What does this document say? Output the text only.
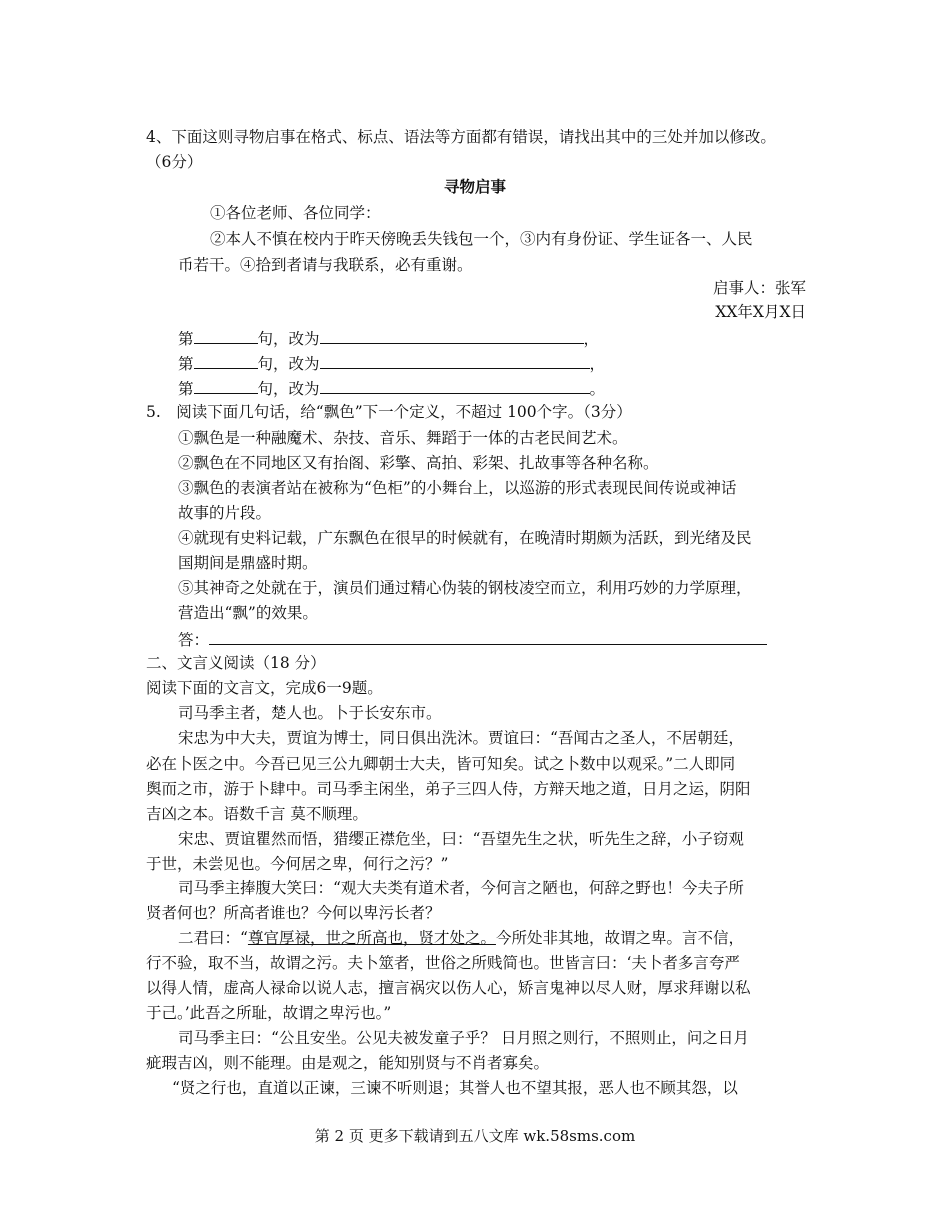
4、下面这则寻物启事在格式、标点、语法等方面都有错误，请找出其中的三处并加以修改。
（6分）
寻物启事
①各位老师、各位同学：
②本人不慎在校内于昨天傍晚丢失钱包一个，③内有身份证、学生证各一、人民
币若干。④拾到者请与我联系，必有重谢。
启事人：张军
XX年X月X日
第	句，改为	，
第	句，改为	，
第	句，改为	。
5.　阅读下面几句话，给“飘色”下一个定义，不超过 100个字。（3分）
①飘色是一种融魔术、杂技、音乐、舞蹈于一体的古老民间艺术。
②飘色在不同地区又有抬阁、彩擎、高拍、彩架、扎故事等各种名称。
③飘色的表演者站在被称为“色柜”的小舞台上，以巡游的形式表现民间传说或神话
故事的片段。
④就现有史料记载，广东飘色在很早的时候就有，在晚清时期颇为活跃，到光绪及民
国期间是鼎盛时期。
⑤其神奇之处就在于，演员们通过精心伪装的钢枝凌空而立，利用巧妙的力学原理，
营造出“飘”的效果。
答：
二、文言义阅读（18 分）
阅读下面的文言文，完成6一9题。
司马季主者，楚人也。卜于长安东市。
宋忠为中大夫，贾谊为博士，同日俱出洗沐。贾谊曰：“吾闻古之圣人，不居朝廷，
必在卜医之中。今吾已见三公九卿朝士大夫，皆可知矣。试之卜数中以观采。”二人即同
舆而之市，游于卜肆中。司马季主闲坐，弟子三四人侍，方辩天地之道，日月之运，阴阳
吉凶之本。语数千言 莫不顺理。
宋忠、贾谊瞿然而悟，猎缨正襟危坐，曰：“吾望先生之状，听先生之辞，小子窃观
于世，未尝见也。今何居之卑，何行之污？”
司马季主捧腹大笑曰：“观大夫类有道术者，今何言之陋也，何辞之野也！今夫子所
贤者何也？所高者谁也？今何以卑污长者？
二君曰：“尊官厚禄，世之所高也，贤才处之。今所处非其地，故谓之卑。言不信，
行不验，取不当，故谓之污。夫卜筮者，世俗之所贱简也。世皆言曰：‘夫卜者多言夸严
以得人情，虚高人禄命以说人志，擅言祸灾以伤人心，矫言鬼神以尽人财，厚求拜谢以私
于己。’此吾之所耻，故谓之卑污也。”
司马季主曰：“公且安坐。公见夫被发童子乎？ 日月照之则行，不照则止，问之日月
疵瑕吉凶，则不能理。由是观之，能知别贤与不肖者寡矣。
“贤之行也，直道以正谏，三谏不听则退；其誉人也不望其报，恶人也不顾其怨，以
第 2 页 更多下载请到五八文库 wk.58sms.com
